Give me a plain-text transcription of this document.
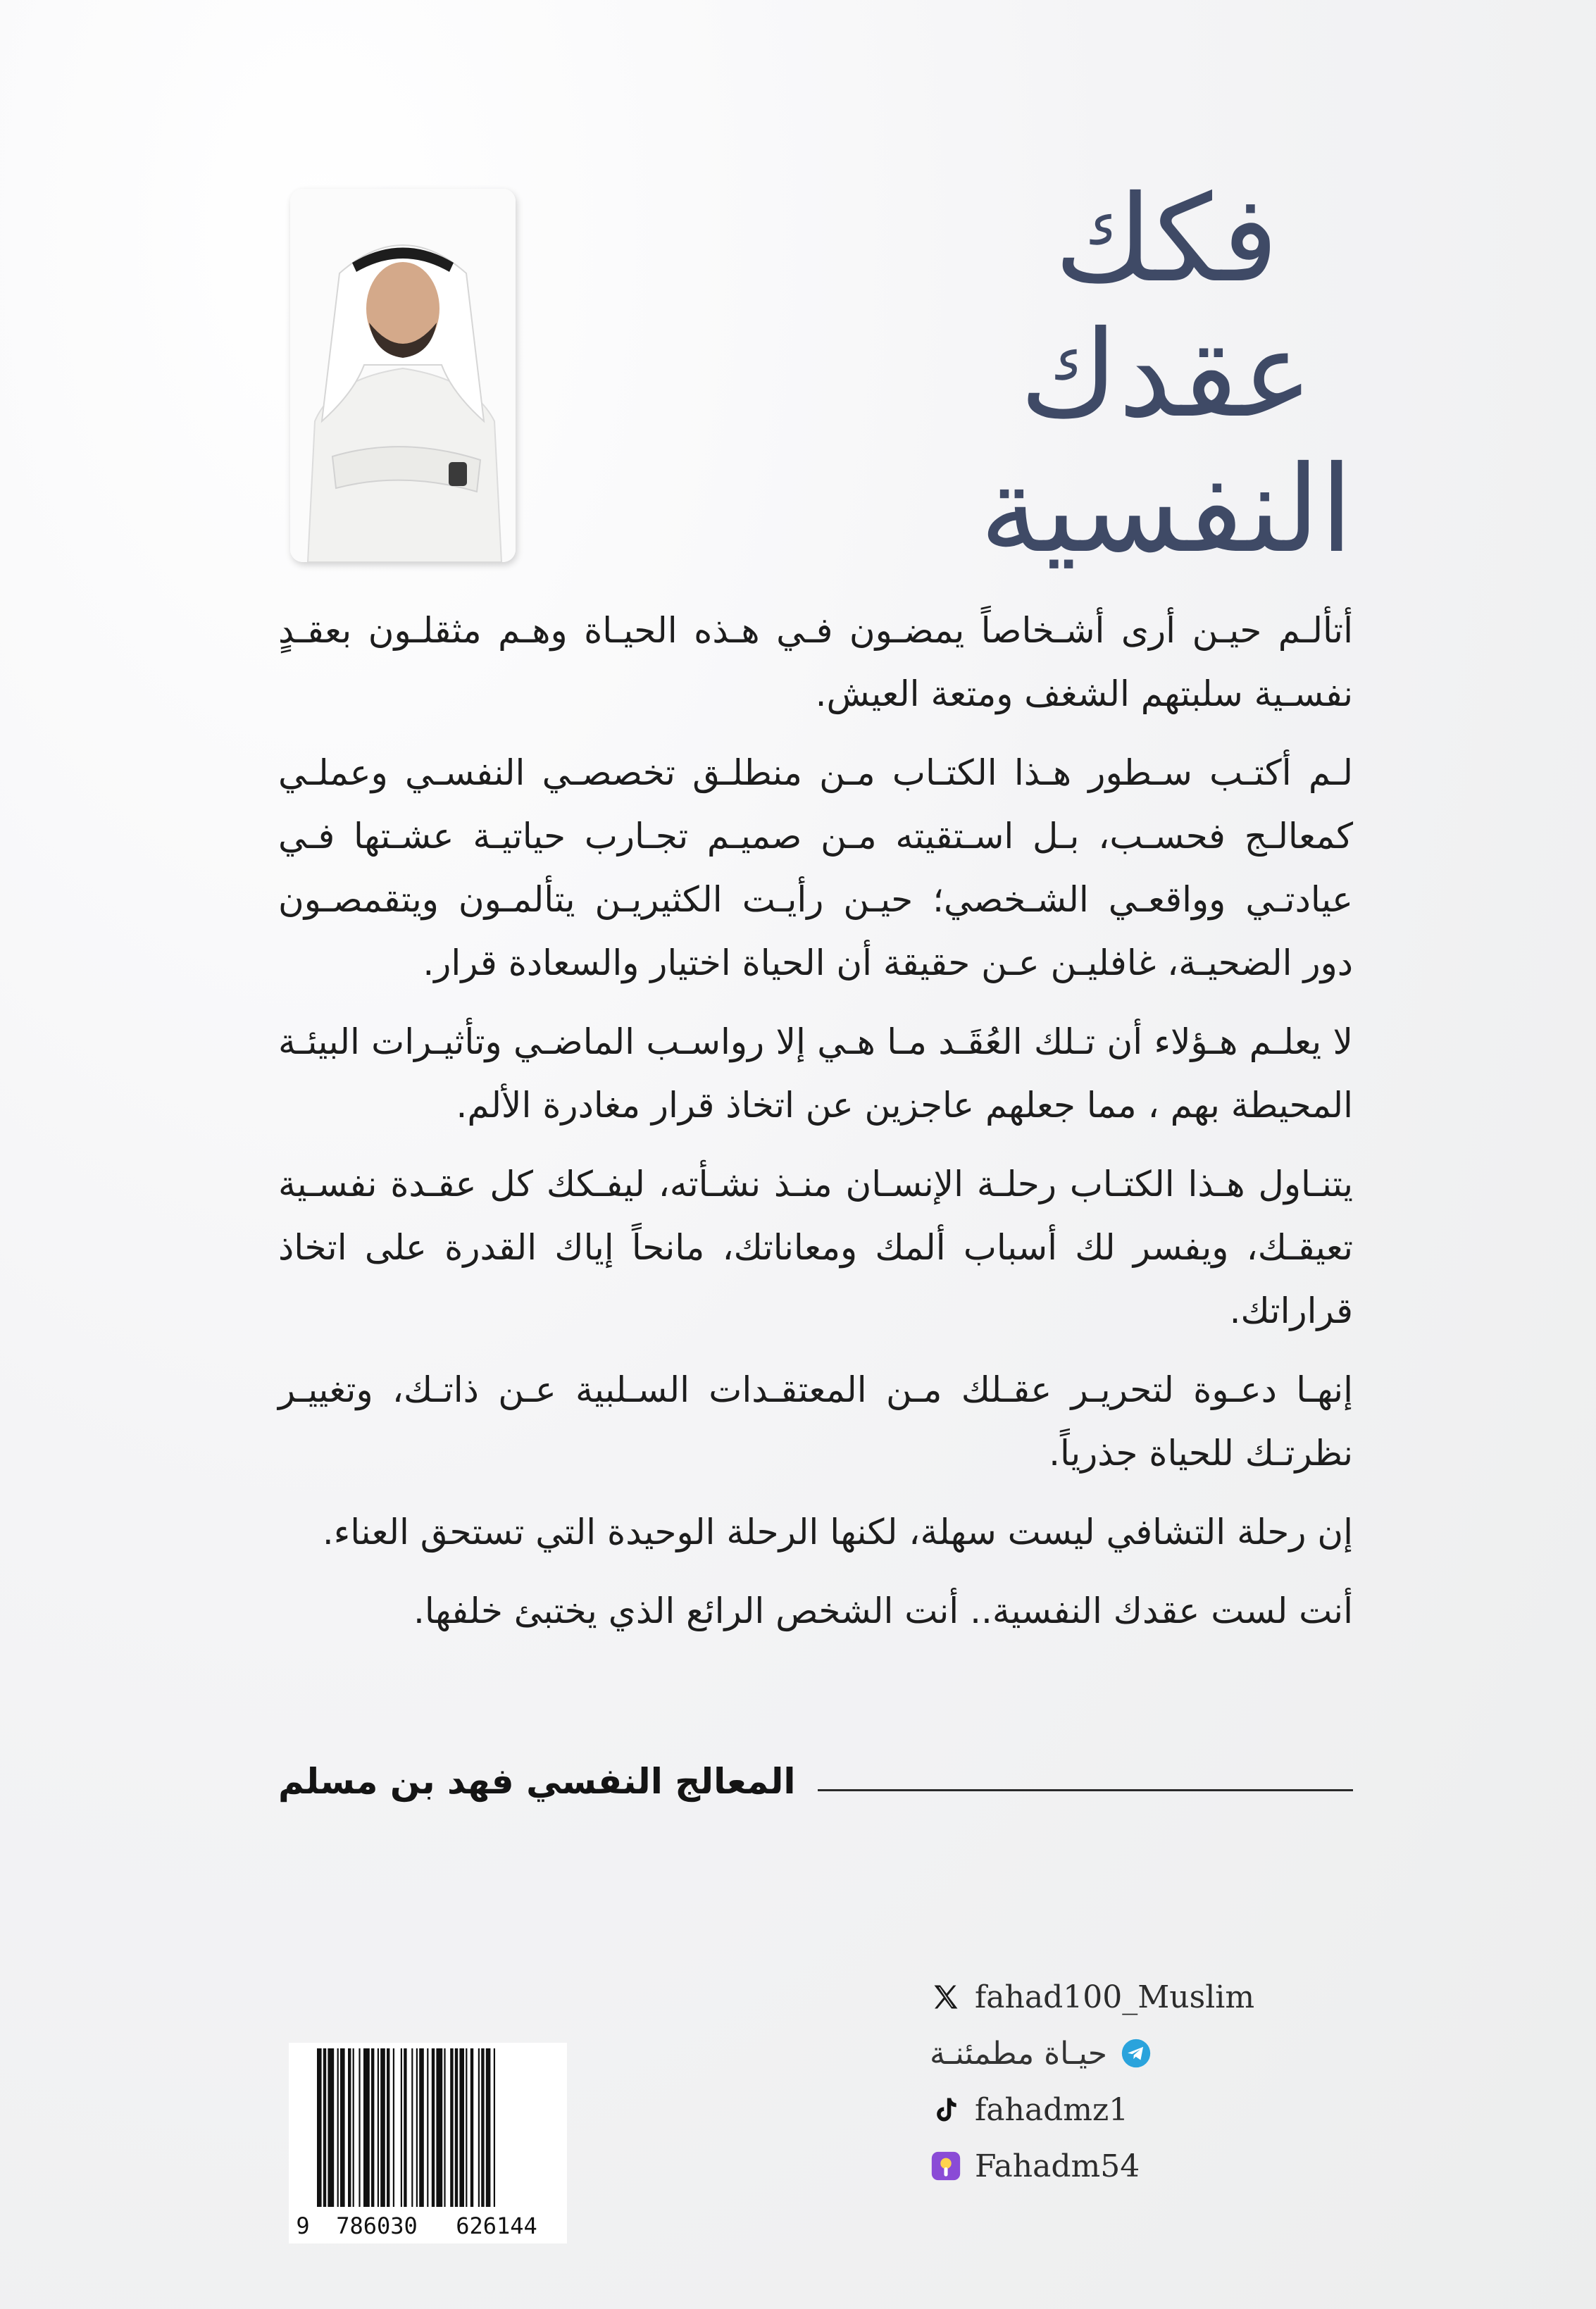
فكك
عقدك
النفسية

أتألـم حيـن أرى أشـخاصاً يمضـون فـي هـذه الحيـاة وهـم مثقلـون بعقـدٍ نفسـية سلبتهم الشغف ومتعة العيش.

لـم أكتـب سـطور هـذا الكتـاب مـن منطلـق تخصصـي النفسـي وعملـي كمعالـج فحسـب، بـل اسـتقيته مـن صميـم تجـارب حياتيـة عشـتها فـي عيادتـي وواقعـي الشـخصي؛ حيـن رأيـت الكثيريـن يتألمـون ويتقمصـون دور الضحيـة، غافليـن عـن حقيقة أن الحياة اختيار والسعادة قرار.

لا يعلـم هـؤلاء أن تـلك العُقَـد مـا هـي إلا رواسـب الماضـي وتأثيـرات البيئـة المحيطة بهم ، مما جعلهم عاجزين عن اتخاذ قرار مغادرة الألم.

يتنـاول هـذا الكتـاب رحلـة الإنسـان منـذ نشـأته، ليفـكك كل عقـدة نفسـية تعيقـك، ويفسر لك أسباب ألمك ومعاناتك، مانحاً إياك القدرة على اتخاذ قراراتك.

إنهـا دعـوة لتحريـر عقـلك مـن المعتقـدات السـلبية عـن ذاتـك، وتغييـر نظرتـك للحياة جذرياً.

إن رحلة التشافي ليست سهلة، لكنها الرحلة الوحيدة التي تستحق العناء.

أنت لست عقدك النفسية.. أنت الشخص الرائع الذي يختبئ خلفها.

المعالج النفسي فهد بن مسلم
fahad100_Muslim
حيـاة مطمئنـة
fahadmz1
Fahadm54
9	786030	626144
